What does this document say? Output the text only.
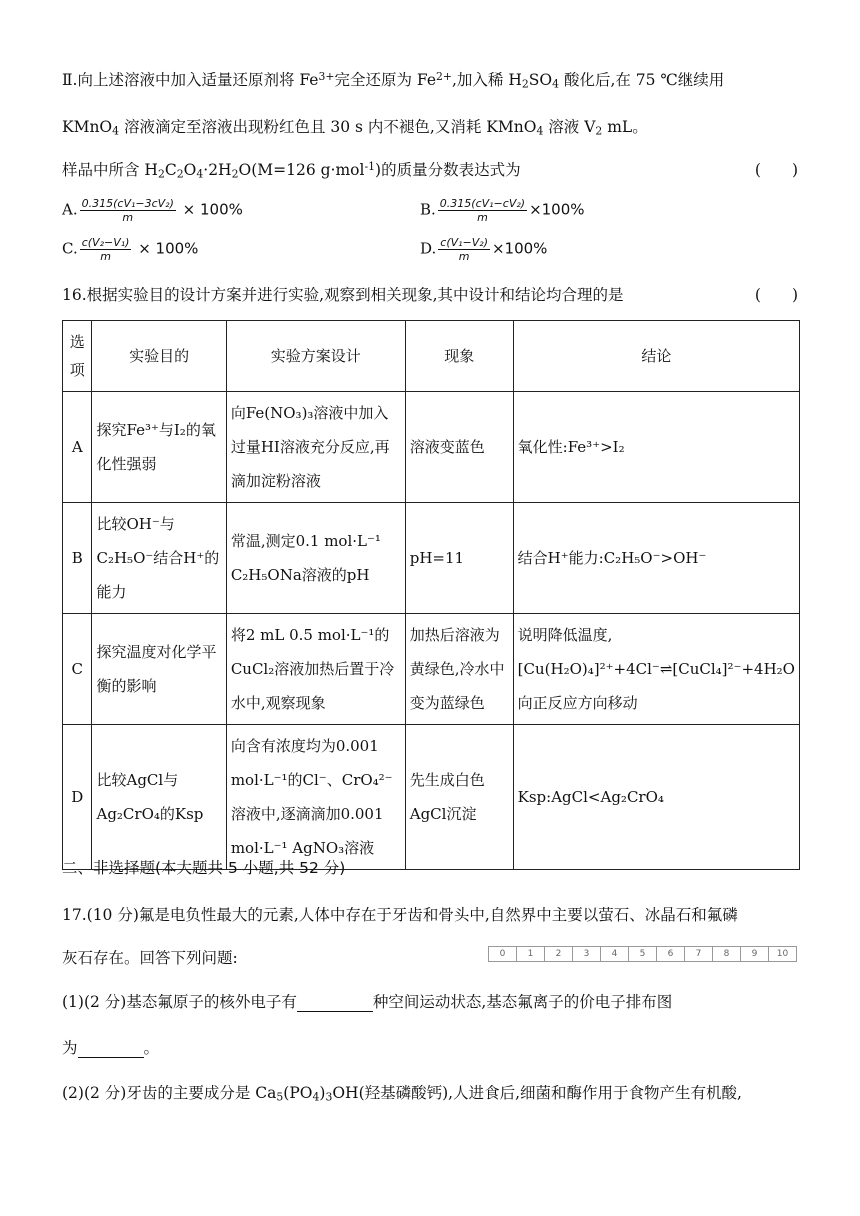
Ⅱ.向上述溶液中加入适量还原剂将 $Fe^{3+}$完全还原为 $Fe^{2+}$,加入稀 $H_2SO_4$ 酸化后,在 75 ℃继续用
KMnO$_4$ 溶液滴定至溶液出现粉红色且 30 s 内不褪色,又消耗 KMnO$_4$ 溶液 $V_2$ mL。
样品中所含 $H_2C_2O_4\cdot 2H_2O(M=126$ g·mol$^{-1}$)的质量分数表达式为	(　　)
A. $\frac{\text{0.315(cV₁−3cV₂)}}{m} \times 100\%$	B. $\frac{\text{0.315(cV₁−cV₂)}}{m} \times 100\%$
C. $\frac{\text{c(V₂−V₁)}}{m} \times 100\%$	D. $\frac{\text{c(V₁−V₂)}}{m} \times 100\%$
16.根据实验目的设计方案并进行实验,观察到相关现象,其中设计和结论均合理的是	(　　)
选项	实验目的	实验方案设计	现象	结论
A	探究Fe³⁺与I₂的氧化性强弱	向Fe(NO₃)₃溶液中加入过量HI溶液充分反应,再滴加淀粉溶液	溶液变蓝色	氧化性:Fe³⁺>I₂
B	比较OH⁻与C₂H₅O⁻结合H⁺的能力	常温,测定0.1 mol·L⁻¹ C₂H₅ONa溶液的pH	pH=11	结合H⁺能力:C₂H₅O⁻>OH⁻
C	探究温度对化学平衡的影响	将2 mL 0.5 mol·L⁻¹的CuCl₂溶液加热后置于冷水中,观察现象	加热后溶液为黄绿色,冷水中变为蓝绿色	说明降低温度,[Cu(H₂O)₄]²⁺+4Cl⁻⇌[CuCl₄]²⁻+4H₂O向正反应方向移动
D	比较AgCl与Ag₂CrO₄的Ksp	向含有浓度均为0.001 mol·L⁻¹的Cl⁻、CrO₄²⁻溶液中,逐滴滴加0.001 mol·L⁻¹ AgNO₃溶液	先生成白色AgCl沉淀	Ksp:AgCl<Ag₂CrO₄
二、非选择题(本大题共 5 小题,共 52 分)
17.(10 分)氟是电负性最大的元素,人体中存在于牙齿和骨头中,自然界中主要以萤石、冰晶石和氟磷
灰石存在。回答下列问题:	0	1	2	3	4	5	6	7	8	9	10
(1)(2 分)基态氟原子的核外电子有	种空间运动状态,基态氟离子的价电子排布图
为	。
(2)(2 分)牙齿的主要成分是 $Ca_5(PO_4)_3OH$(羟基磷酸钙),人进食后,细菌和酶作用于食物产生有机酸,
